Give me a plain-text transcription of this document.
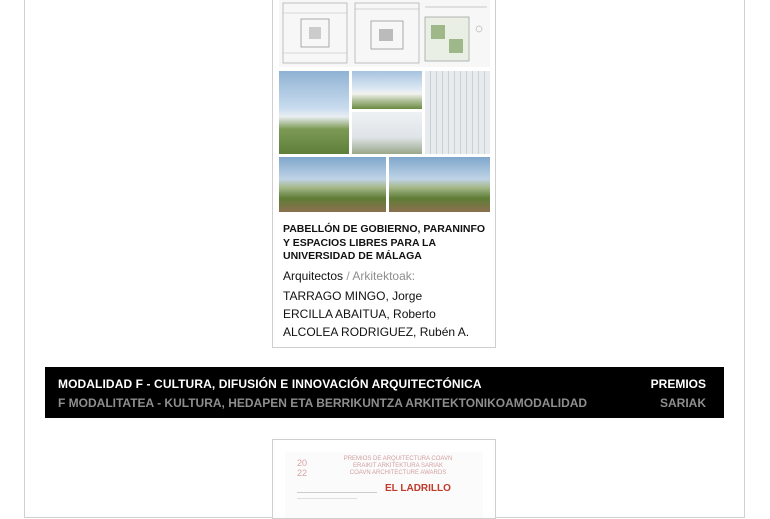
PABELLÓN DE GOBIERNO, PARANINFO Y ESPACIOS LIBRES PARA LA UNIVERSIDAD DE MÁLAGA
Arquitectos / Arkitektoak:
TARRAGO MINGO, Jorge
ERCILLA ABAITUA, Roberto
ALCOLEA RODRIGUEZ, Rubén A.
MODALIDAD F - CULTURA, DIFUSIÓN E INNOVACIÓN ARQUITECTÓNICA
F MODALITATEA - KULTURA, HEDAPEN ETA BERRIKUNTZA ARKITEKTONIKOAMODALIDAD
PREMIOS
SARIAK
20
22
PREMIOS DE ARQUITECTURA COAVN
ERAIKIT ARKITEKTURA SARIAK
COAVN ARCHITECTURE AWARDS
EL LADRILLO
